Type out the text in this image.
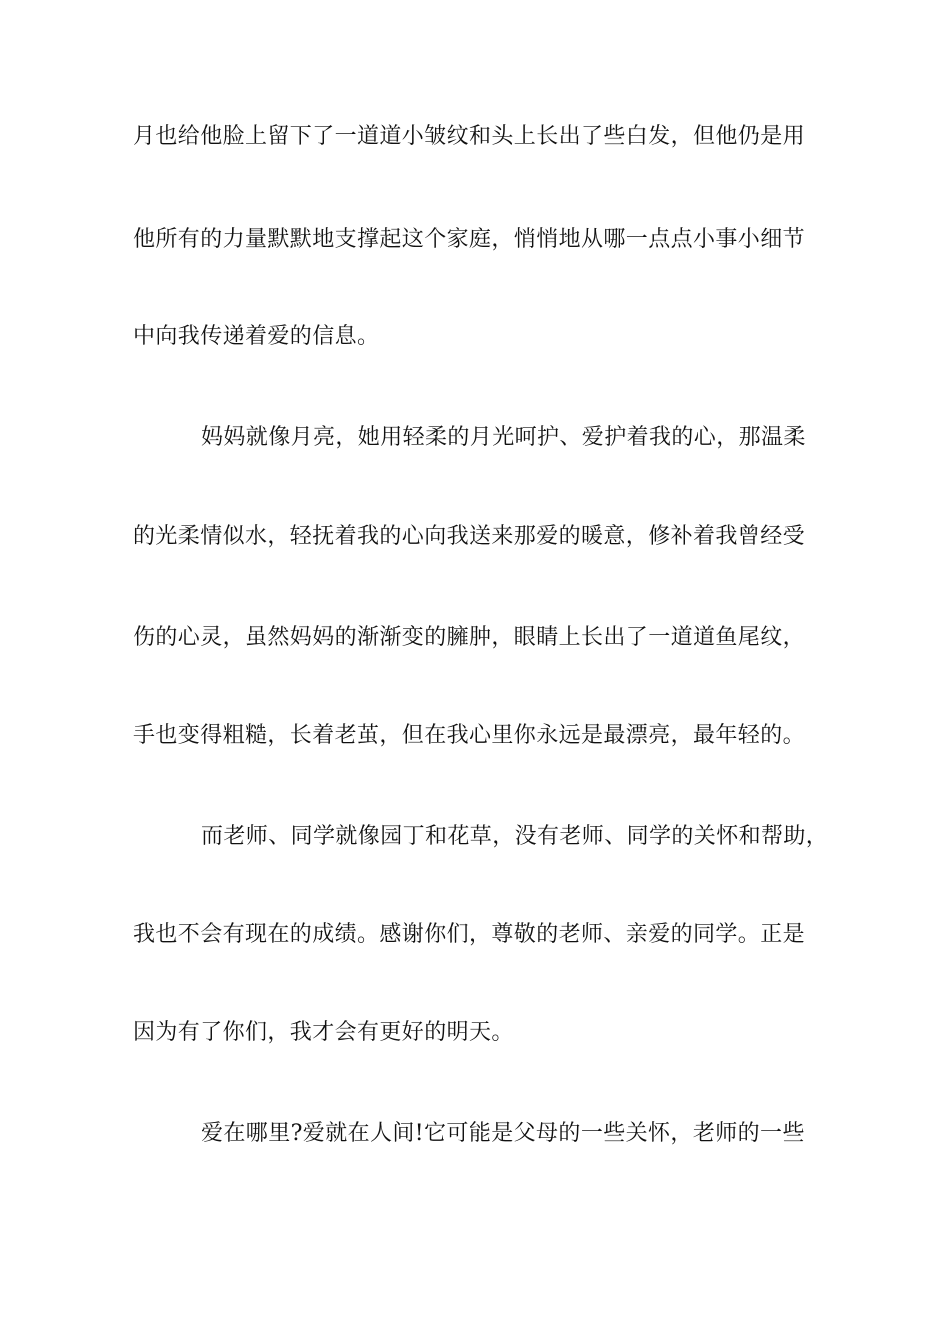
月也给他脸上留下了一道道小皱纹和头上长出了些白发，但他仍是用
他所有的力量默默地支撑起这个家庭，悄悄地从哪一点点小事小细节
中向我传递着爱的信息。
妈妈就像月亮，她用轻柔的月光呵护、爱护着我的心，那温柔
的光柔情似水，轻抚着我的心向我送来那爱的暖意，修补着我曾经受
伤的心灵，虽然妈妈的渐渐变的臃肿，眼睛上长出了一道道鱼尾纹，
手也变得粗糙，长着老茧，但在我心里你永远是最漂亮，最年轻的。
而老师、同学就像园丁和花草，没有老师、同学的关怀和帮助，
我也不会有现在的成绩。感谢你们，尊敬的老师、亲爱的同学。正是
因为有了你们，我才会有更好的明天。
爱在哪里?爱就在人间!它可能是父母的一些关怀，老师的一些
